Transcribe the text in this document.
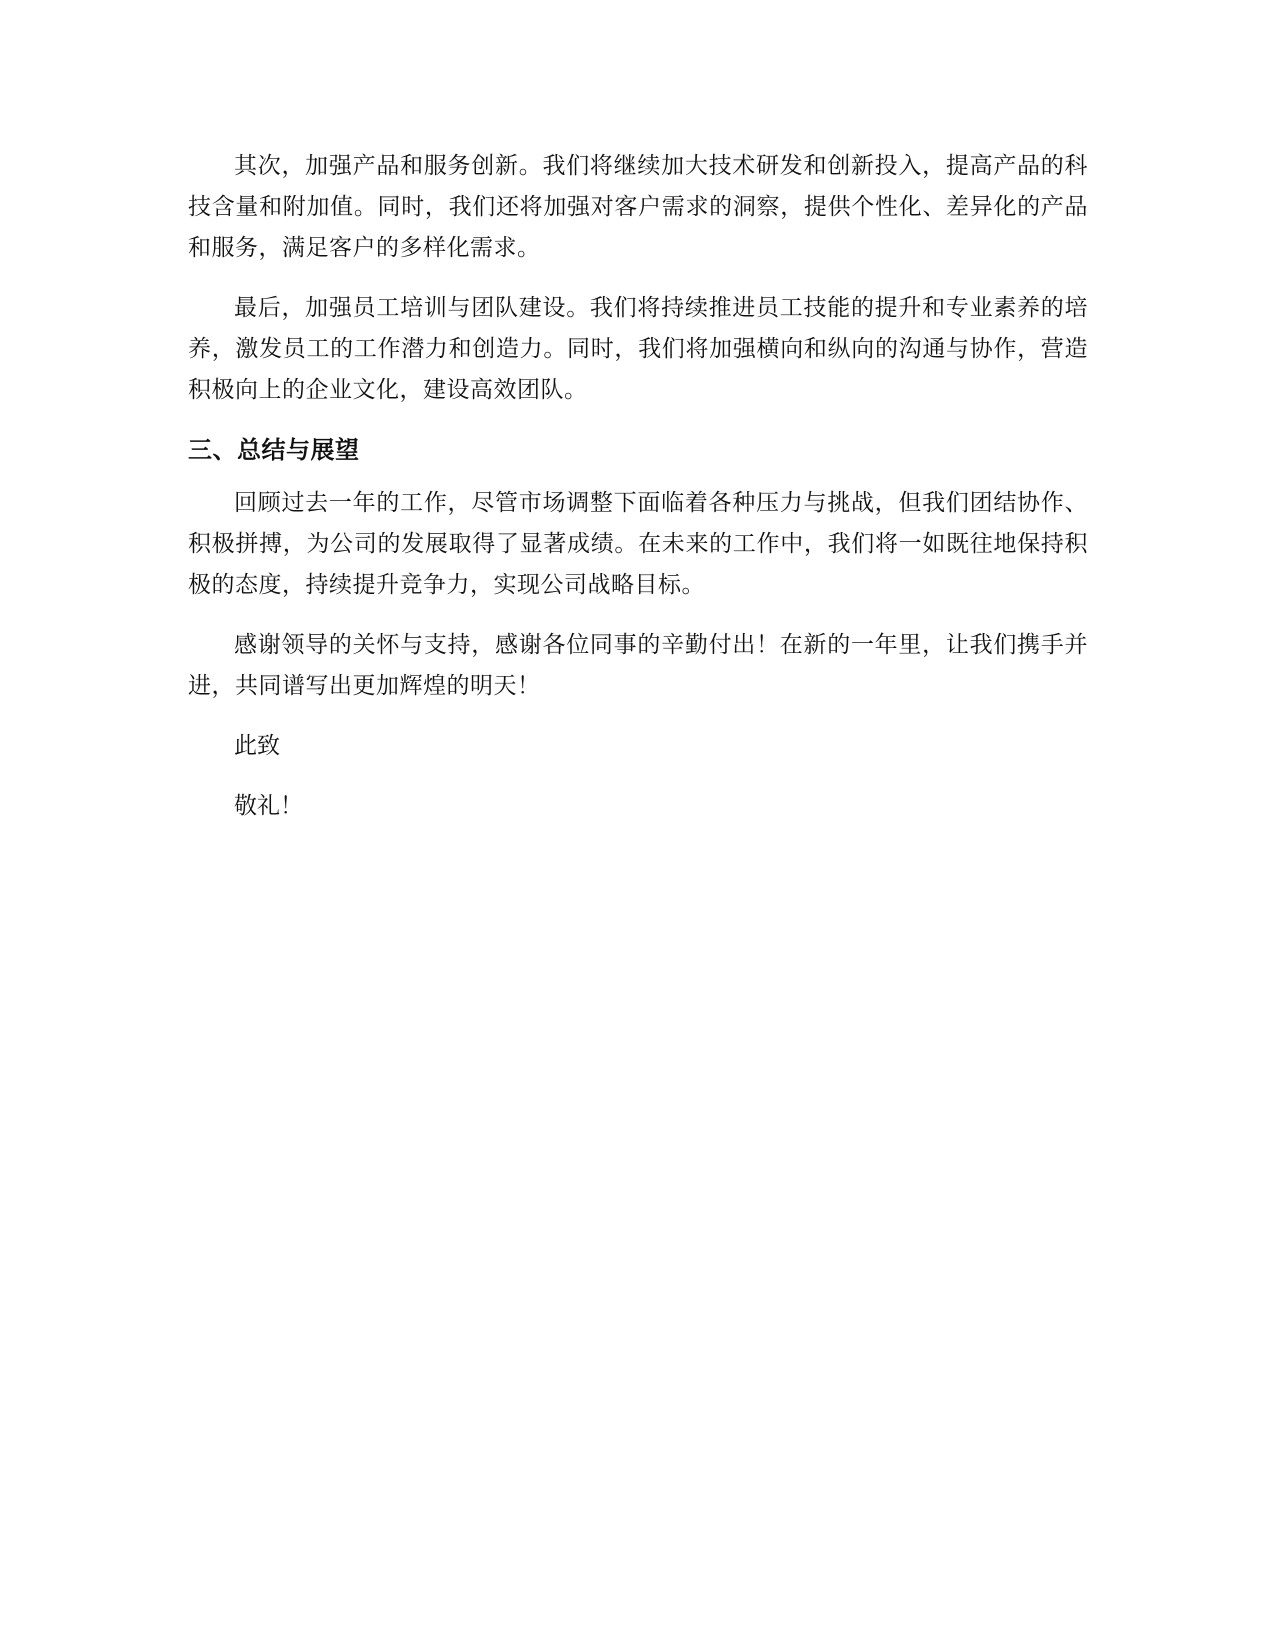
其次，加强产品和服务创新。我们将继续加大技术研发和创新投入，提高产品的科技含量和附加值。同时，我们还将加强对客户需求的洞察，提供个性化、差异化的产品和服务，满足客户的多样化需求。

最后，加强员工培训与团队建设。我们将持续推进员工技能的提升和专业素养的培养，激发员工的工作潜力和创造力。同时，我们将加强横向和纵向的沟通与协作，营造积极向上的企业文化，建设高效团队。

三、总结与展望

回顾过去一年的工作，尽管市场调整下面临着各种压力与挑战，但我们团结协作、积极拼搏，为公司的发展取得了显著成绩。在未来的工作中，我们将一如既往地保持积极的态度，持续提升竞争力，实现公司战略目标。

感谢领导的关怀与支持，感谢各位同事的辛勤付出！在新的一年里，让我们携手并进，共同谱写出更加辉煌的明天！

此致

敬礼！
